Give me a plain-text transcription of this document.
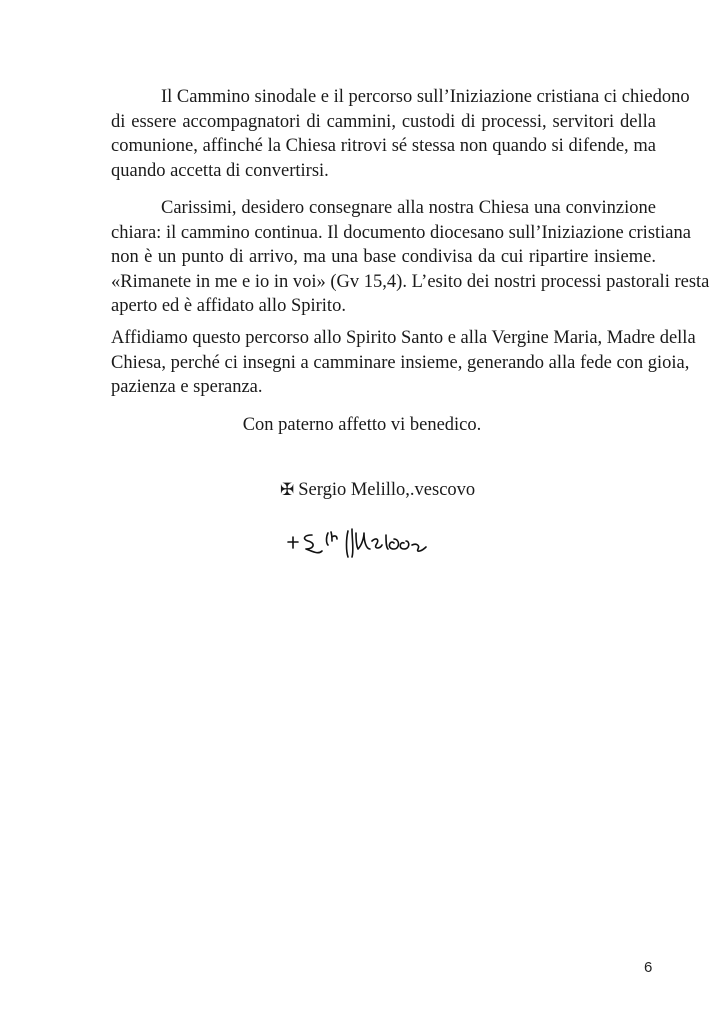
Il Cammino sinodale e il percorso sull’Iniziazione cristiana ci chiedono
di essere accompagnatori di cammini, custodi di processi, servitori della
comunione, affinché la Chiesa ritrovi sé stessa non quando si difende, ma
quando accetta di convertirsi.
Carissimi, desidero consegnare alla nostra Chiesa una convinzione
chiara: il cammino continua. Il documento diocesano sull’Iniziazione cristiana
non è un punto di arrivo, ma una base condivisa da cui ripartire insieme.
«Rimanete in me e io in voi» (Gv 15,4). L’esito dei nostri processi pastorali resta
aperto ed è affidato allo Spirito.
Affidiamo questo percorso allo Spirito Santo e alla Vergine Maria, Madre della
Chiesa, perché ci insegni a camminare insieme, generando alla fede con gioia,
pazienza e speranza.

Con paterno affetto vi benedico.

✠ Sergio Melillo,.vescovo
6
